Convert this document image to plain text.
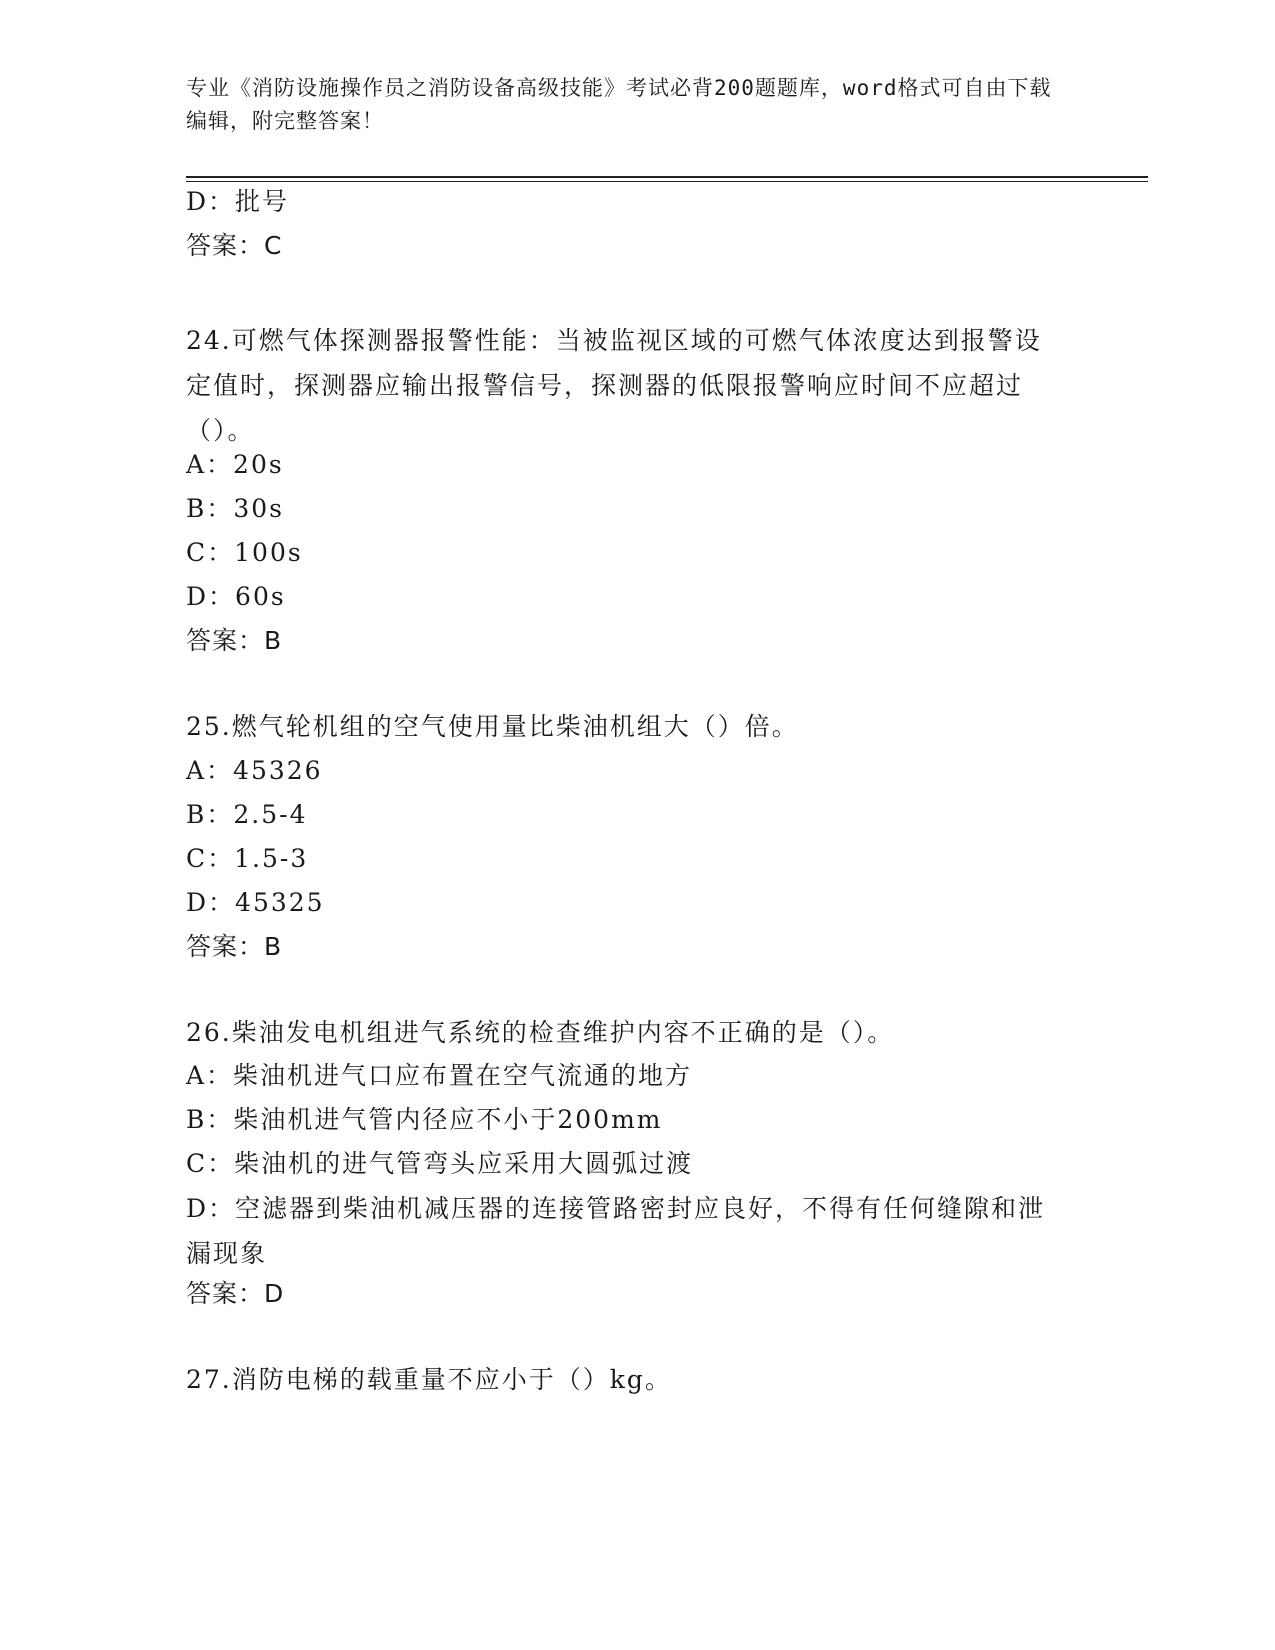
专业《消防设施操作员之消防设备高级技能》考试必背200题题库，word格式可自由下载编辑，附完整答案！
D：批号
答案：C
24.可燃气体探测器报警性能：当被监视区域的可燃气体浓度达到报警设定值时，探测器应输出报警信号，探测器的低限报警响应时间不应超过（）。
A：20s
B：30s
C：100s
D：60s
答案：B
25.燃气轮机组的空气使用量比柴油机组大（）倍。
A：45326
B：2.5-4
C：1.5-3
D：45325
答案：B
26.柴油发电机组进气系统的检查维护内容不正确的是（）。
A：柴油机进气口应布置在空气流通的地方
B：柴油机进气管内径应不小于200mm
C：柴油机的进气管弯头应采用大圆弧过渡
D：空滤器到柴油机减压器的连接管路密封应良好，不得有任何缝隙和泄漏现象
答案：D
27.消防电梯的载重量不应小于（）kg。
